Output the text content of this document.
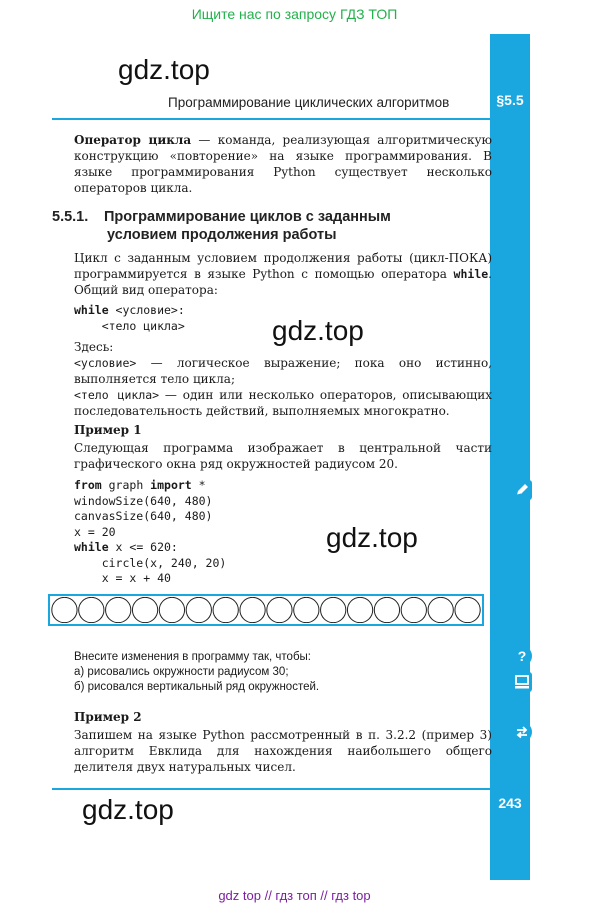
Ищите нас по запросу ГДЗ ТОП
§5.5
gdz.top
Программирование циклических алгоритмов

Оператор цикла — команда, реализующая алгоритмическую конструкцию «повторение» на языке программирования. В языке программирования Python существует несколько операторов цикла.

5.5.1. Программирование циклов с заданным
условием продолжения работы

Цикл с заданным условием продолжения работы (цикл-ПОКА) программируется в языке Python с помощью оператора while. Общий вид оператора:

while <условие>:
<тело цикла>	gdz.top

Здесь:

<условие> — логическое выражение; пока оно истинно, выполняется тело цикла;

<тело цикла> — один или несколько операторов, описывающих последовательность действий, выполняемых многократно.

Пример 1

Следующая программа изображает в центральной части графического окна ряд окружностей радиусом 20.

from graph import *
windowSize(640, 480)
canvasSize(640, 480)
x = 20
while x <= 620:
circle(x, 240, 20)
x = x + 40
gdz.top

Внесите изменения в программу так, чтобы:

а) рисовались окружности радиусом 30;

б) рисовался вертикальный ряд окружностей.

Пример 2

Запишем на языке Python рассмотренный в п. 3.2.2 (пример 3) алгоритм Евклида для нахождения наибольшего общего делителя двух натуральных чисел.

243
gdz.top
?
gdz top // гдз топ // гдз top
